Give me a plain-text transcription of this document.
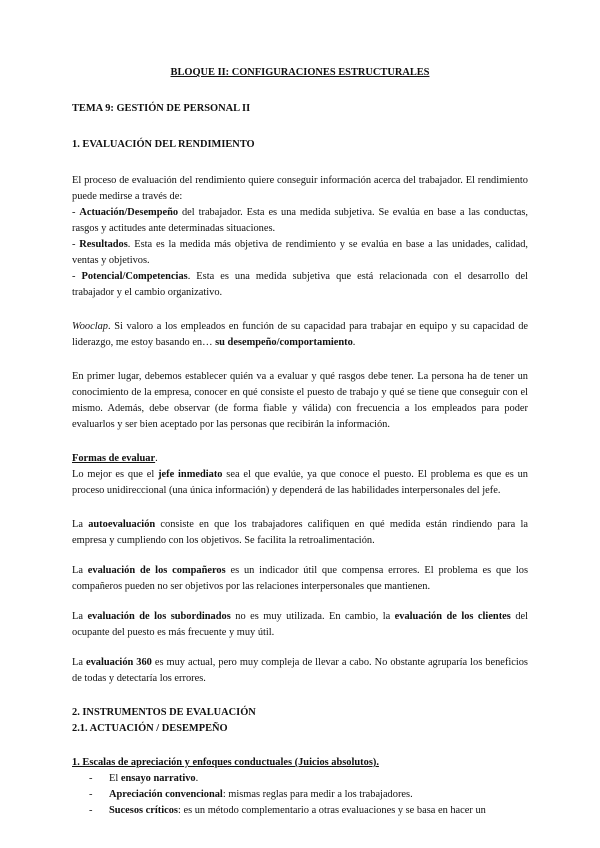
BLOQUE II: CONFIGURACIONES ESTRUCTURALES

TEMA 9: GESTIÓN DE PERSONAL II

1. EVALUACIÓN DEL RENDIMIENTO

El proceso de evaluación del rendimiento quiere conseguir información acerca del trabajador. El rendimiento puede medirse a través de:

- Actuación/Desempeño del trabajador. Esta es una medida subjetiva. Se evalúa en base a las conductas, rasgos y actitudes ante determinadas situaciones.

- Resultados. Esta es la medida más objetiva de rendimiento y se evalúa en base a las unidades, calidad, ventas y objetivos.

- Potencial/Competencias. Esta es una medida subjetiva que está relacionada con el desarrollo del trabajador y el cambio organizativo.

Wooclap. Si valoro a los empleados en función de su capacidad para trabajar en equipo y su capacidad de liderazgo, me estoy basando en… su desempeño/comportamiento.

En primer lugar, debemos establecer quién va a evaluar y qué rasgos debe tener. La persona ha de tener un conocimiento de la empresa, conocer en qué consiste el puesto de trabajo y qué se tiene que conseguir con el mismo. Además, debe observar (de forma fiable y válida) con frecuencia a los empleados para poder evaluarlos y ser bien aceptado por las personas que recibirán la información.

Formas de evaluar.

Lo mejor es que el jefe inmediato sea el que evalúe, ya que conoce el puesto. El problema es que es un proceso unidireccional (una única información) y dependerá de las habilidades interpersonales del jefe.

La autoevaluación consiste en que los trabajadores califiquen en qué medida están rindiendo para la empresa y cumpliendo con los objetivos. Se facilita la retroalimentación.

La evaluación de los compañeros es un indicador útil que compensa errores. El problema es que los compañeros pueden no ser objetivos por las relaciones interpersonales que mantienen.

La evaluación de los subordinados no es muy utilizada. En cambio, la evaluación de los clientes del ocupante del puesto es más frecuente y muy útil.

La evaluación 360 es muy actual, pero muy compleja de llevar a cabo. No obstante agruparía los beneficios de todas y detectaría los errores.

2. INSTRUMENTOS DE EVALUACIÓN

2.1. ACTUACIÓN / DESEMPEÑO

1. Escalas de apreciación y enfoques conductuales (Juicios absolutos).

- El ensayo narrativo.
- Apreciación convencional: mismas reglas para medir a los trabajadores.
- Sucesos críticos: es un método complementario a otras evaluaciones y se basa en hacer un
